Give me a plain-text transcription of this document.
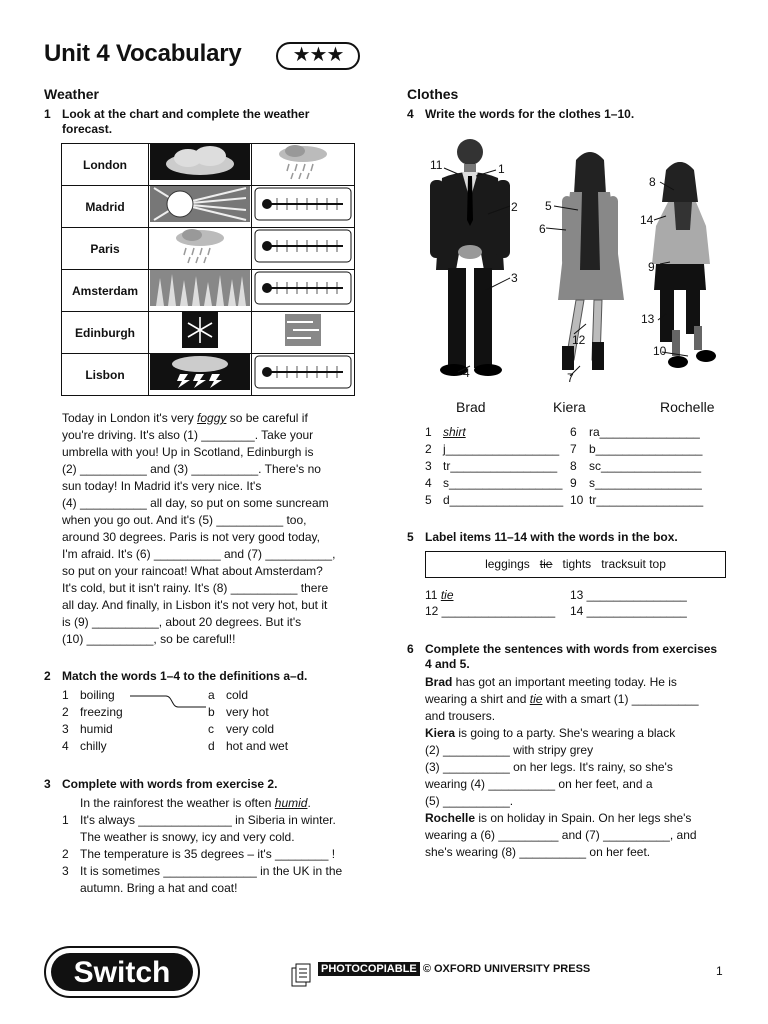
Unit 4 Vocabulary	★★★
Weather
1 Look at the chart and complete the weather forecast.
London		
Madrid		
Paris		
Amsterdam		
Edinburgh		
Lisbon		
Today in London it's very foggy so be careful if
you're driving. It's also (1) ________. Take your
umbrella with you! Up in Scotland, Edinburgh is
(2) __________ and (3) __________. There's no
sun today! In Madrid it's very nice. It's
(4) __________ all day, so put on some suncream
when you go out. And it's (5) __________ too,
around 30 degrees. Paris is not very good today,
I'm afraid. It's (6) __________ and (7) __________,
so put on your raincoat! What about Amsterdam?
It's cold, but it isn't rainy. It's (8) __________ there
all day. And finally, in Lisbon it's not very hot, but it
is (9) __________, about 20 degrees. But it's
(10) __________, so be careful!!
2 Match the words 1–4 to the definitions a–d.
1 boiling	a cold
2 freezing	b very hot
3 humid	c very cold
4 chilly	d hot and wet
3 Complete with words from exercise 2.
In the rainforest the weather is often humid.
1 It's always ______________ in Siberia in winter.
The weather is snowy, icy and very cold.
2 The temperature is 35 degrees – it's ________ !
3 It is sometimes ______________ in the UK in the
autumn. Bring a hat and coat!
Clothes
4 Write the words for the clothes 1–10.
11	1
2
3
4
5
6
12
7
8
14
9
13
10
Brad	Kiera	Rochelle
1 shirt	6 ra_______________
2 j_________________ 7 b________________
3 tr________________ 8 sc_______________
4 s_________________ 9 s________________
5 d_________________ 10 tr________________
5 Label items 11–14 with the words in the box.
leggings tie tights tracksuit top
11 tie
12 _________________
13 _______________
14 _______________
6 Complete the sentences with words from exercises 4 and 5.
Brad has got an important meeting today. He is
wearing a shirt and tie with a smart (1) __________
and trousers.
Kiera is going to a party. She's wearing a black
(2) __________ with stripy grey
(3) __________ on her legs. It's rainy, so she's
wearing (4) __________ on her feet, and a
(5) __________.
Rochelle is on holiday in Spain. On her legs she's
wearing a (6) _________ and (7) __________, and
she's wearing (8) __________ on her feet.
Switch	PHOTOCOPIABLE © OXFORD UNIVERSITY PRESS	1
